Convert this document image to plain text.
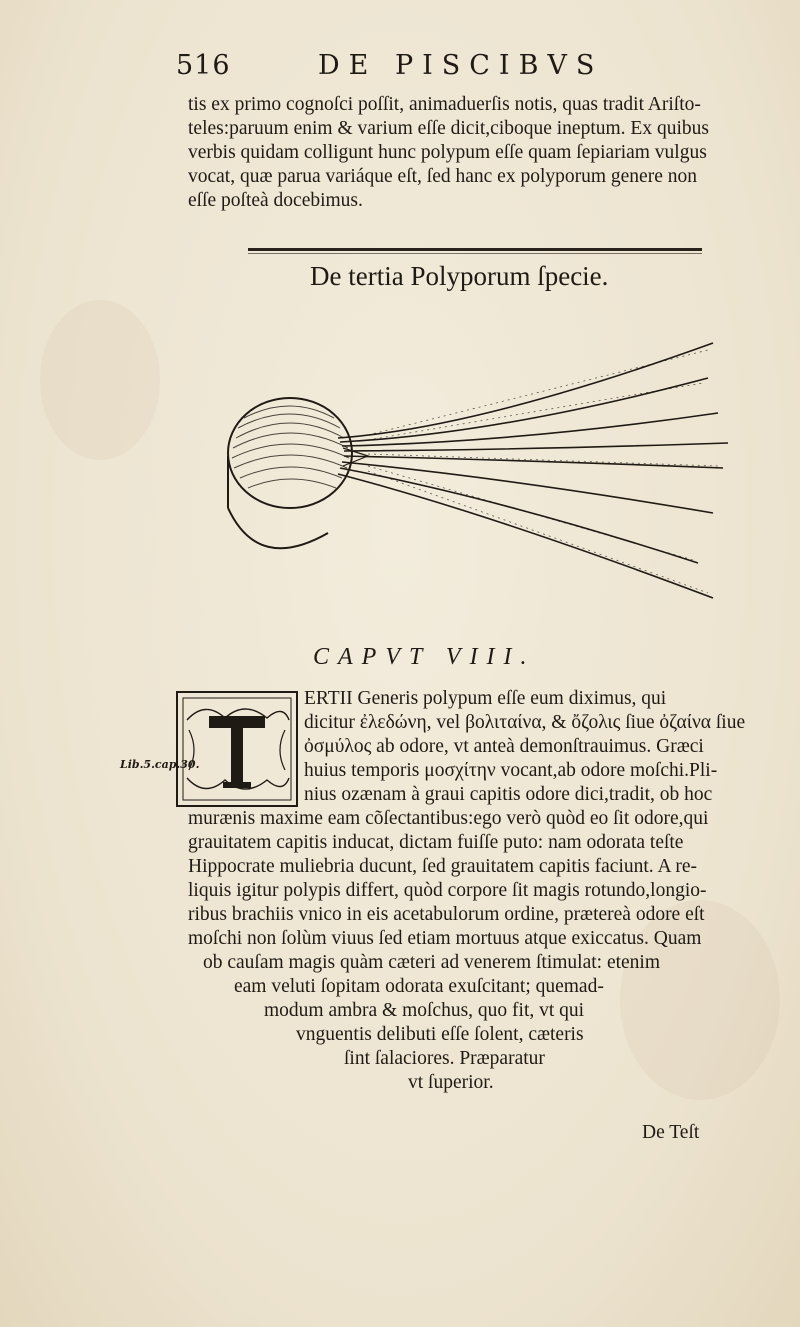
516	DE PISCIBVS

tis ex primo cognoſci poſſit, animaduerſis notis, quas tradit Ariſto-
teles:paruum enim & varium eſſe dicit,ciboque ineptum. Ex quibus
verbis quidam colligunt hunc polypum eſſe quam ſepiariam vulgus
vocat, quæ parua variáque eſt, ſed hanc ex polyporum genere non
eſſe poſteà docebimus.

De tertia Polyporum ſpecie.
CAPVT VIII.
Lib.5.cap.30.
ERTII Generis polypum eſſe eum diximus, qui
dicitur ἐλεδώνη, vel βολιταίνα, & ὄζολις ſiue ὀζαίνα ſiue
ὀσμύλος ab odore, vt anteà demonſtrauimus. Græci
huius temporis μοσχίτην vocant,ab odore moſchi.Pli-
nius ozænam à graui capitis odore dici,tradit, ob hoc
murænis maxime eam cõſectantibus:ego verò quòd eo ſit odore,qui
grauitatem capitis inducat, dictam fuiſſe puto: nam odorata teſte
Hippocrate muliebria ducunt, ſed grauitatem capitis faciunt. A re-
liquis igitur polypis differt, quòd corpore ſit magis rotundo,longio-
ribus brachiis vnico in eis acetabulorum ordine, prætereà odore eſt
moſchi non ſolùm viuus ſed etiam mortuus atque exiccatus. Quam
ob cauſam magis quàm cæteri ad venerem ſtimulat: etenim
eam veluti ſopitam odorata exuſcitant; quemad-
modum ambra & moſchus, quo fit, vt qui
vnguentis delibuti eſſe ſolent, cæteris
ſint ſalaciores. Præparatur
vt ſuperior.
De Teſt
